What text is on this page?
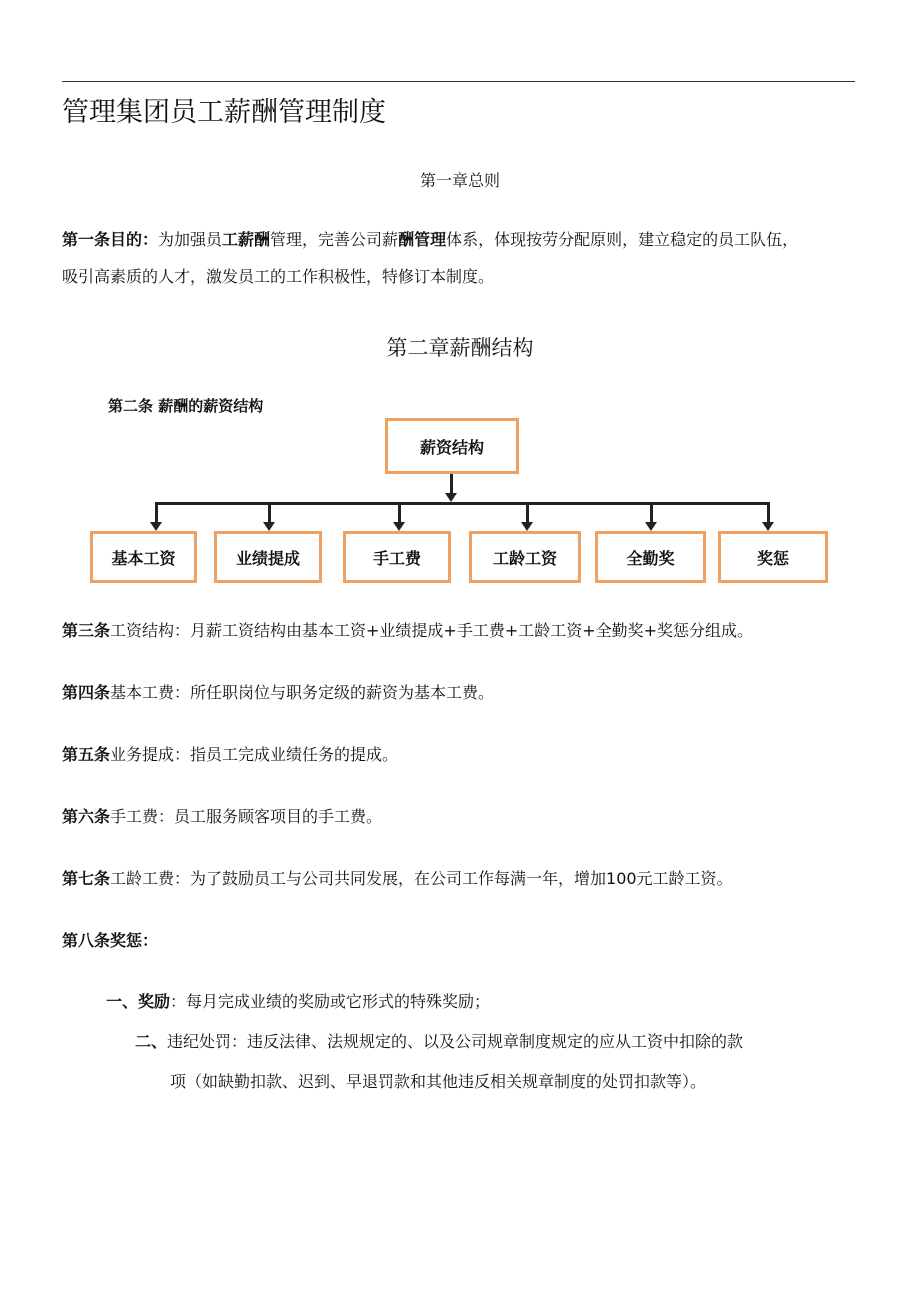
管理集团员工薪酬管理制度
第一章总则
第一条目的：为加强员工薪酬管理，完善公司薪酬管理体系，体现按劳分配原则，建立稳定的员工队伍，
吸引高素质的人才，激发员工的工作积极性，特修订本制度。
第二章薪酬结构
第二条 薪酬的薪资结构
薪资结构
基本工资	业绩提成	手工费	工龄工资	全勤奖	奖惩
第三条工资结构：月薪工资结构由基本工资+业绩提成+手工费+工龄工资+全勤奖+奖惩分组成。
第四条基本工费：所任职岗位与职务定级的薪资为基本工费。
第五条业务提成：指员工完成业绩任务的提成。
第六条手工费：员工服务顾客项目的手工费。
第七条工龄工费：为了鼓励员工与公司共同发展，在公司工作每满一年，增加100元工龄工资。
第八条奖惩：
一、奖励：每月完成业绩的奖励或它形式的特殊奖励；
二、违纪处罚：违反法律、法规规定的、以及公司规章制度规定的应从工资中扣除的款
项（如缺勤扣款、迟到、早退罚款和其他违反相关规章制度的处罚扣款等）。
